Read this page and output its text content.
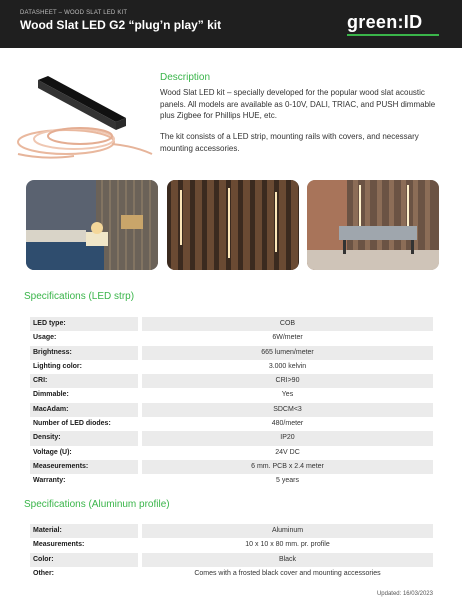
DATASHEET – WOOD SLAT LED KIT
Wood Slat LED G2 “plug’n play” kit	green:ID
Description
Wood Slat LED kit – specially developed for the popular wood slat acoustic panels. All models are available as 0-10V, DALI, TRIAC, and PUSH dimmable plus Zigbee for Phillips HUE, etc.
The kit consists of a LED strip, mounting rails with covers, and necessary mounting accessories.
Specifications (LED strp)
LED type:	COB
Usage:	6W/meter
Brightness:	665 lumen/meter
Lighting color:	3.000 kelvin
CRI:	CRI>90
Dimmable:	Yes
MacAdam:	SDCM<3
Number of LED diodes:	480/meter
Density:	IP20
Voltage (U):	24V DC
Measeurements:	6 mm. PCB x 2.4 meter
Warranty:	5 years
Specifications (Aluminum profile)
Material:	Aluminum
Measurements:	10 x 10 x 80 mm. pr. profile
Color:	Black
Other:	Comes with a frosted black cover and mounting accessories
Updated: 16/03/2023
